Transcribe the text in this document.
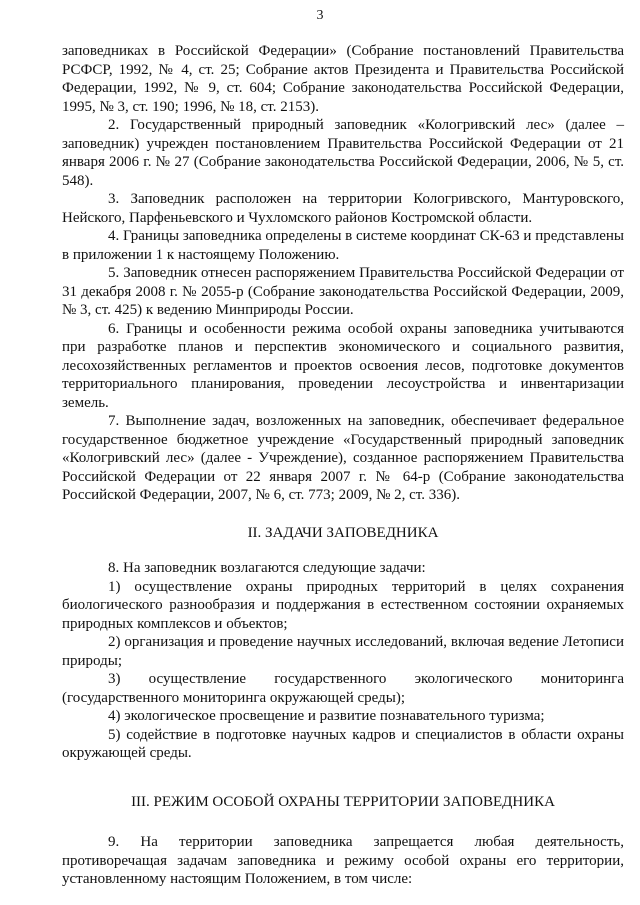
3

заповедниках в Российской Федерации» (Собрание постановлений Правительства РСФСР, 1992, № 4, ст. 25; Собрание актов Президента и Правительства Российской Федерации, 1992, № 9, ст. 604; Собрание законодательства Российской Федерации, 1995, № 3, ст. 190; 1996, № 18, ст. 2153).

2. Государственный природный заповедник «Кологривский лес» (далее – заповедник) учрежден постановлением Правительства Российской Федерации от 21 января 2006 г. № 27 (Собрание законодательства Российской Федерации, 2006, № 5, ст. 548).

3. Заповедник расположен на территории Кологривского, Мантуровского, Нейского, Парфеньевского и Чухломского районов Костромской области.

4. Границы заповедника определены в системе координат СК-63 и представлены в приложении 1 к настоящему Положению.

5. Заповедник отнесен распоряжением Правительства Российской Федерации от 31 декабря 2008 г. № 2055-р (Собрание законодательства Российской Федерации, 2009, № 3, ст. 425) к ведению Минприроды России.

6. Границы и особенности режима особой охраны заповедника учитываются при разработке планов и перспектив экономического и социального развития, лесохозяйственных регламентов и проектов освоения лесов, подготовке документов территориального планирования, проведении лесоустройства и инвентаризации земель.

7. Выполнение задач, возложенных на заповедник, обеспечивает федеральное государственное бюджетное учреждение «Государственный природный заповедник «Кологривский лес» (далее - Учреждение), созданное распоряжением Правительства Российской Федерации от 22 января 2007 г. № 64-р (Собрание законодательства Российской Федерации, 2007, № 6, ст. 773; 2009, № 2, ст. 336).

II. ЗАДАЧИ ЗАПОВЕДНИКА

8. На заповедник возлагаются следующие задачи:

1) осуществление охраны природных территорий в целях сохранения биологического разнообразия и поддержания в естественном состоянии охраняемых природных комплексов и объектов;

2) организация и проведение научных исследований, включая ведение Летописи природы;

3) осуществление государственного экологического мониторинга (государственного мониторинга окружающей среды);

4) экологическое просвещение и развитие познавательного туризма;

5) содействие в подготовке научных кадров и специалистов в области охраны окружающей среды.

III. РЕЖИМ ОСОБОЙ ОХРАНЫ ТЕРРИТОРИИ ЗАПОВЕДНИКА

9. На территории заповедника запрещается любая деятельность, противоречащая задачам заповедника и режиму особой охраны его территории, установленному настоящим Положением, в том числе:
